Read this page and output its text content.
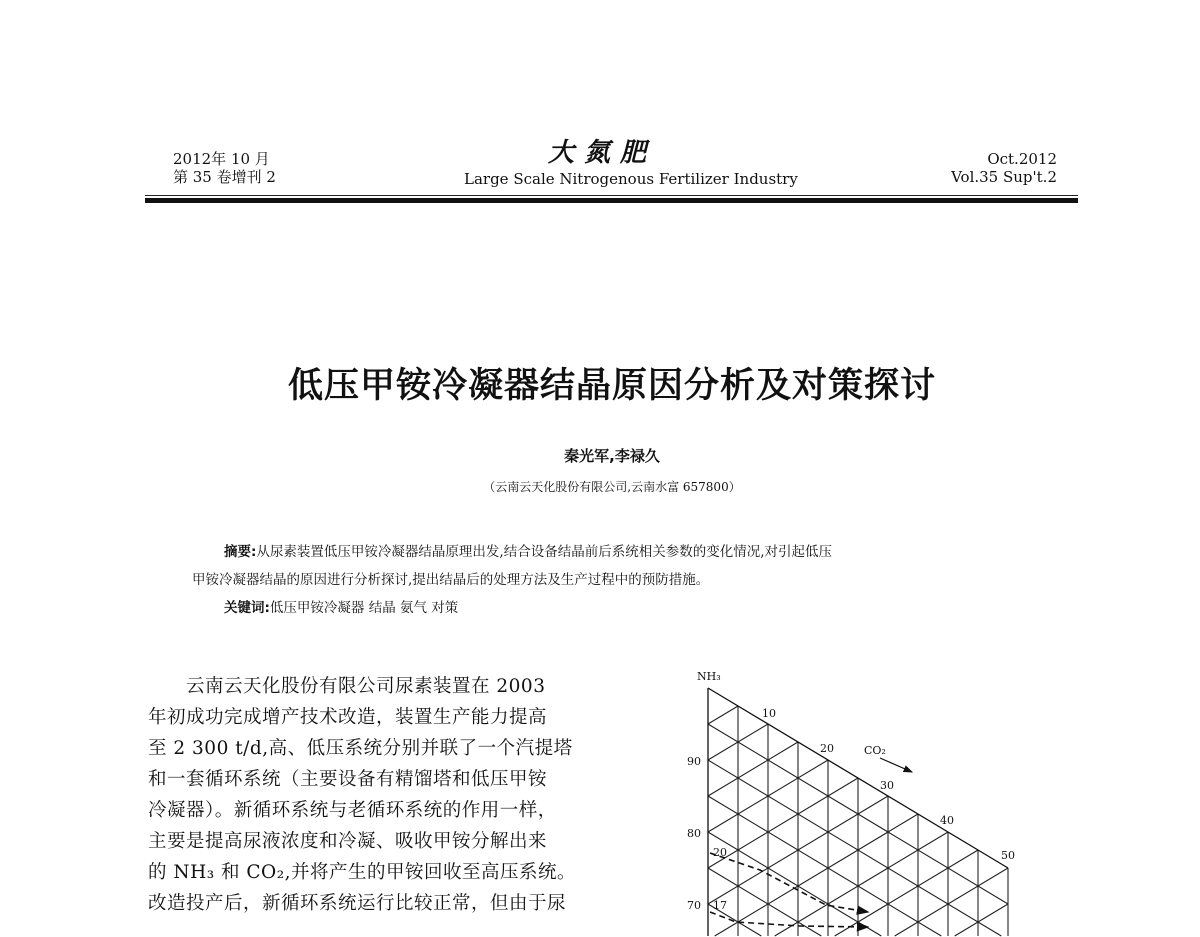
2012年 10 月
第 35 卷增刊 2
大氮肥
Large Scale Nitrogenous Fertilizer Industry
Oct.2012
Vol.35 Sup't.2
低压甲铵冷凝器结晶原因分析及对策探讨
秦光军,李禄久
（云南云天化股份有限公司,云南水富 657800）
摘要:从尿素装置低压甲铵冷凝器结晶原理出发,结合设备结晶前后系统相关参数的变化情况,对引起低压
甲铵冷凝器结晶的原因进行分析探讨,提出结晶后的处理方法及生产过程中的预防措施。
关键词:低压甲铵冷凝器 结晶 氨气 对策

　　云南云天化股份有限公司尿素装置在 2003

年初成功完成增产技术改造，装置生产能力提高

至 2 300 t/d,高、低压系统分别并联了一个汽提塔

和一套循环系统（主要设备有精馏塔和低压甲铵

冷凝器）。新循环系统与老循环系统的作用一样，

主要是提高尿液浓度和冷凝、吸收甲铵分解出来

的 NH₃ 和 CO₂,并将产生的甲铵回收至高压系统。

改造投产后，新循环系统运行比较正常，但由于尿

NH₃
CO₂
10
20
30
40
50
90
80
70
20
17
